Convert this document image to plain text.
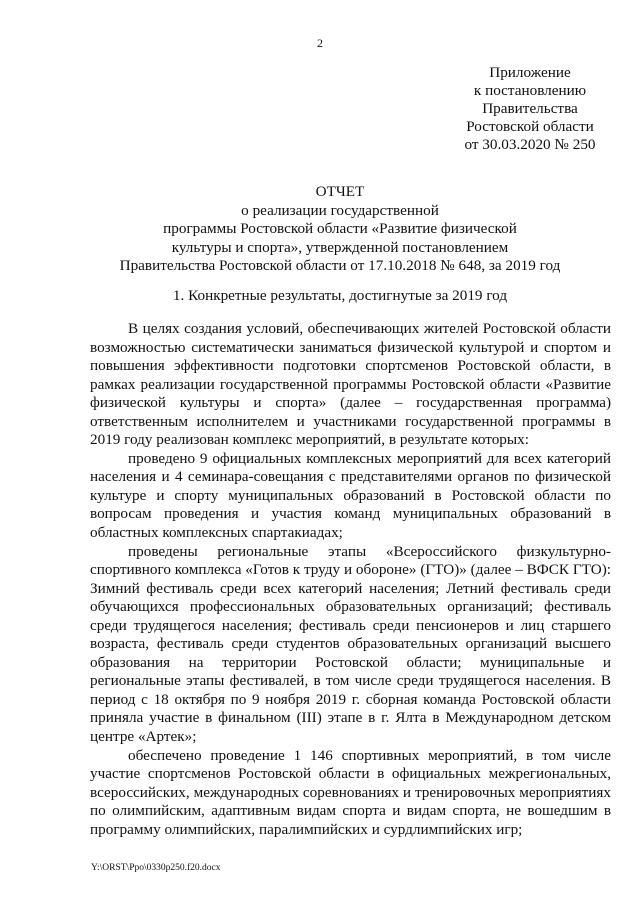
2
Приложение
к постановлению
Правительства
Ростовской области
от 30.03.2020 № 250
ОТЧЕТ
о реализации государственной
программы Ростовской области «Развитие физической
культуры и спорта», утвержденной постановлением
Правительства Ростовской области от 17.10.2018 № 648, за 2019 год
1. Конкретные результаты, достигнутые за 2019 год

В целях создания условий, обеспечивающих жителей Ростовской области возможностью систематически заниматься физической культурой и спортом и повышения эффективности подготовки спортсменов Ростовской области, в рамках реализации государственной программы Ростовской области «Развитие физической культуры и спорта» (далее – государственная программа) ответственным исполнителем и участниками государственной программы в 2019 году реализован комплекс мероприятий, в результате которых:

проведено 9 официальных комплексных мероприятий для всех категорий населения и 4 семинара-совещания с представителями органов по физической культуре и спорту муниципальных образований в Ростовской области по вопросам проведения и участия команд муниципальных образований в областных комплексных спартакиадах;

проведены региональные этапы «Всероссийского физкультурно-спортивного комплекса «Готов к труду и обороне» (ГТО)» (далее – ВФСК ГТО): Зимний фестиваль среди всех категорий населения; Летний фестиваль среди обучающихся профессиональных образовательных организаций; фестиваль среди трудящегося населения; фестиваль среди пенсионеров и лиц старшего возраста, фестиваль среди студентов образовательных организаций высшего образования на территории Ростовской области; муниципальные и региональные этапы фестивалей, в том числе среди трудящегося населения. В период с 18 октября по 9 ноября 2019 г. сборная команда Ростовской области приняла участие в финальном (III) этапе в г. Ялта в Международном детском центре «Артек»;

обеспечено проведение 1 146 спортивных мероприятий, в том числе участие спортсменов Ростовской области в официальных межрегиональных, всероссийских, международных соревнованиях и тренировочных мероприятиях по олимпийским, адаптивным видам спорта и видам спорта, не вошедшим в программу олимпийских, паралимпийских и сурдлимпийских игр;

Y:\ORST\Ppo\0330p250.f20.docx
